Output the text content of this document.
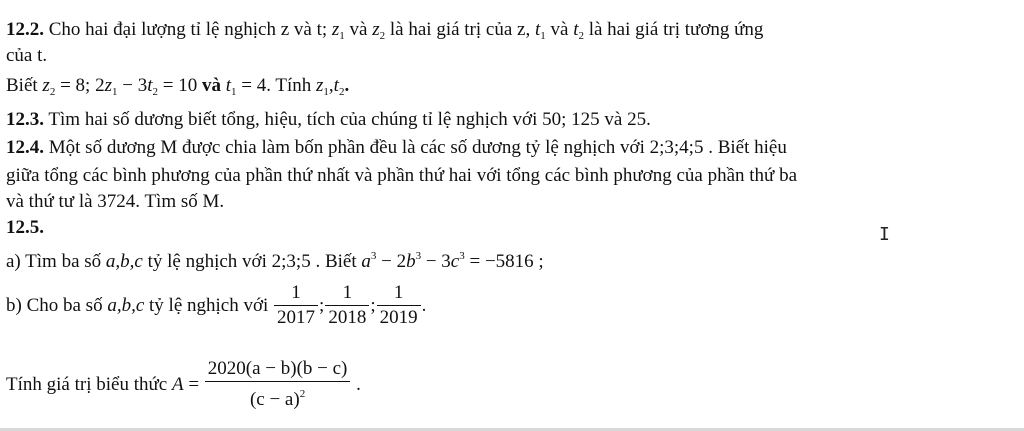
12.2. Cho hai đại lượng tỉ lệ nghịch z và t; $z_1$ và $z_2$ là hai giá trị của z, $t_1$ và $t_2$ là hai giá trị tương ứng
của t.
Biết $z_2 = 8$; $2z_1 - 3t_2 = 10$ và $t_1 = 4$. Tính $z_1,t_2$.
12.3. Tìm hai số dương biết tổng, hiệu, tích của chúng tỉ lệ nghịch với 50; 125 và 25.
12.4. Một số dương M được chia làm bốn phần đều là các số dương tỷ lệ nghịch với 2;3;4;5 . Biết hiệu
giữa tổng các bình phương của phần thứ nhất và phần thứ hai với tổng các bình phương của phần thứ ba
và thứ tư là 3724. Tìm số M.
12.5.
a) Tìm ba số a,b,c tỷ lệ nghịch với 2;3;5 . Biết $a^3 - 2b^3 - 3c^3 = -5816$ ;
b) Cho ba số a,b,c tỷ lệ nghịch với $\frac{1}{2017}$ ; $\frac{1}{2018}$ ; $\frac{1}{2019}$ .
Tính giá trị biểu thức $A = \frac{2020(a - b)(b - c)}{(c - a)^2}$ .
I
